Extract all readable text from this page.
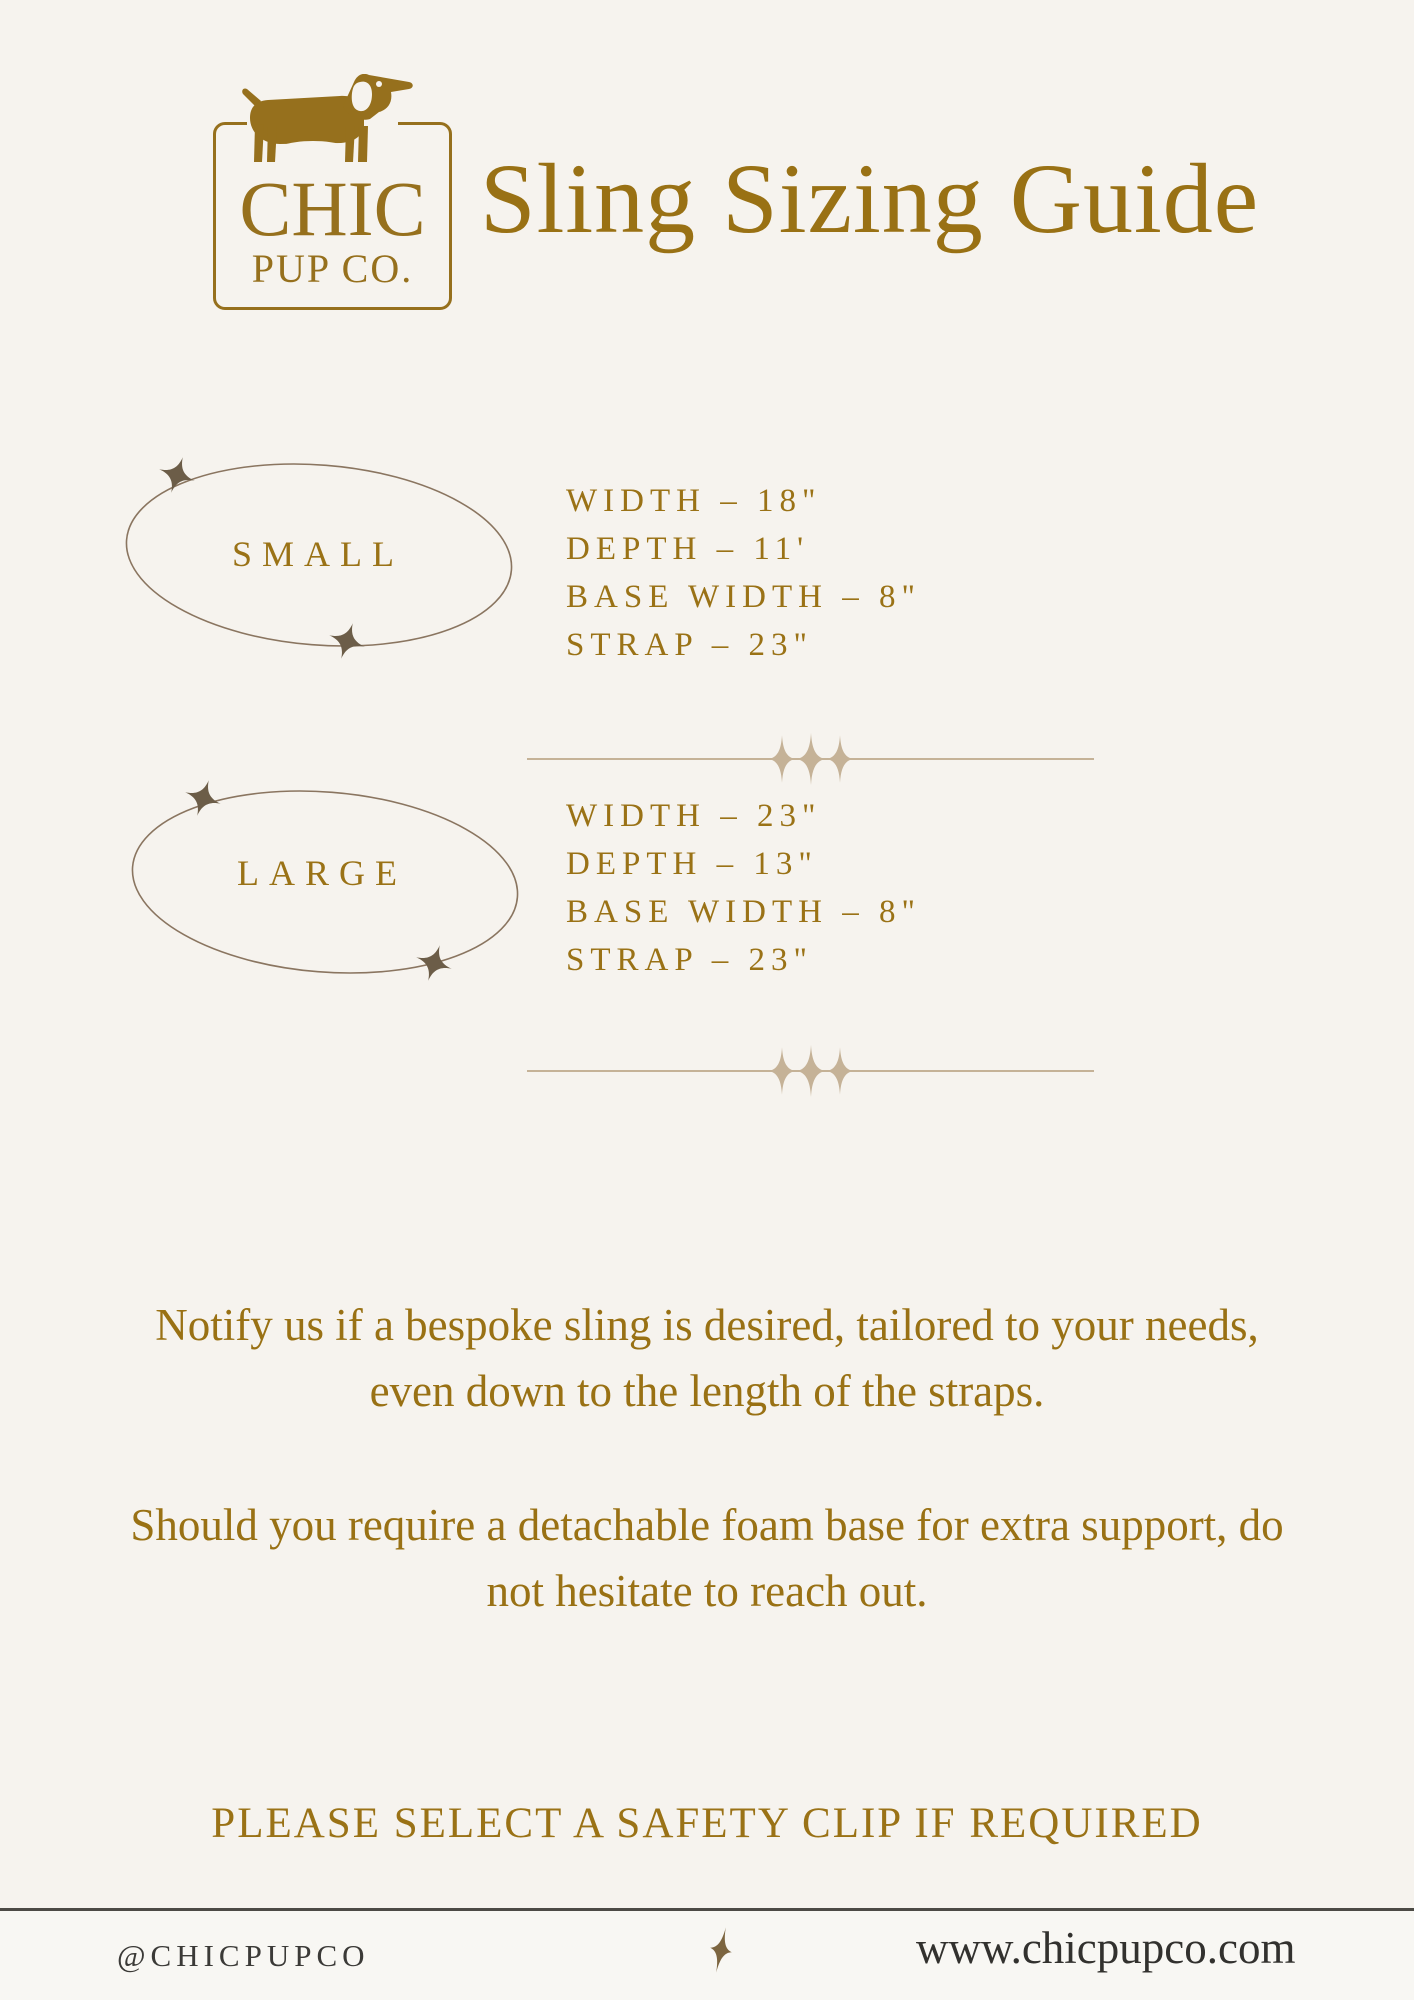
CHIC
PUP CO.
Sling Sizing Guide
SMALL
WIDTH – 18"
DEPTH – 11'
BASE WIDTH – 8"
STRAP – 23"
LARGE
WIDTH – 23"
DEPTH – 13"
BASE WIDTH – 8"
STRAP – 23"
Notify us if a bespoke sling is desired, tailored to your needs,
even down to the length of the straps.
Should you require a detachable foam base for extra support, do
not hesitate to reach out.
PLEASE SELECT A SAFETY CLIP IF REQUIRED
@CHICPUPCO	www.chicpupco.com
